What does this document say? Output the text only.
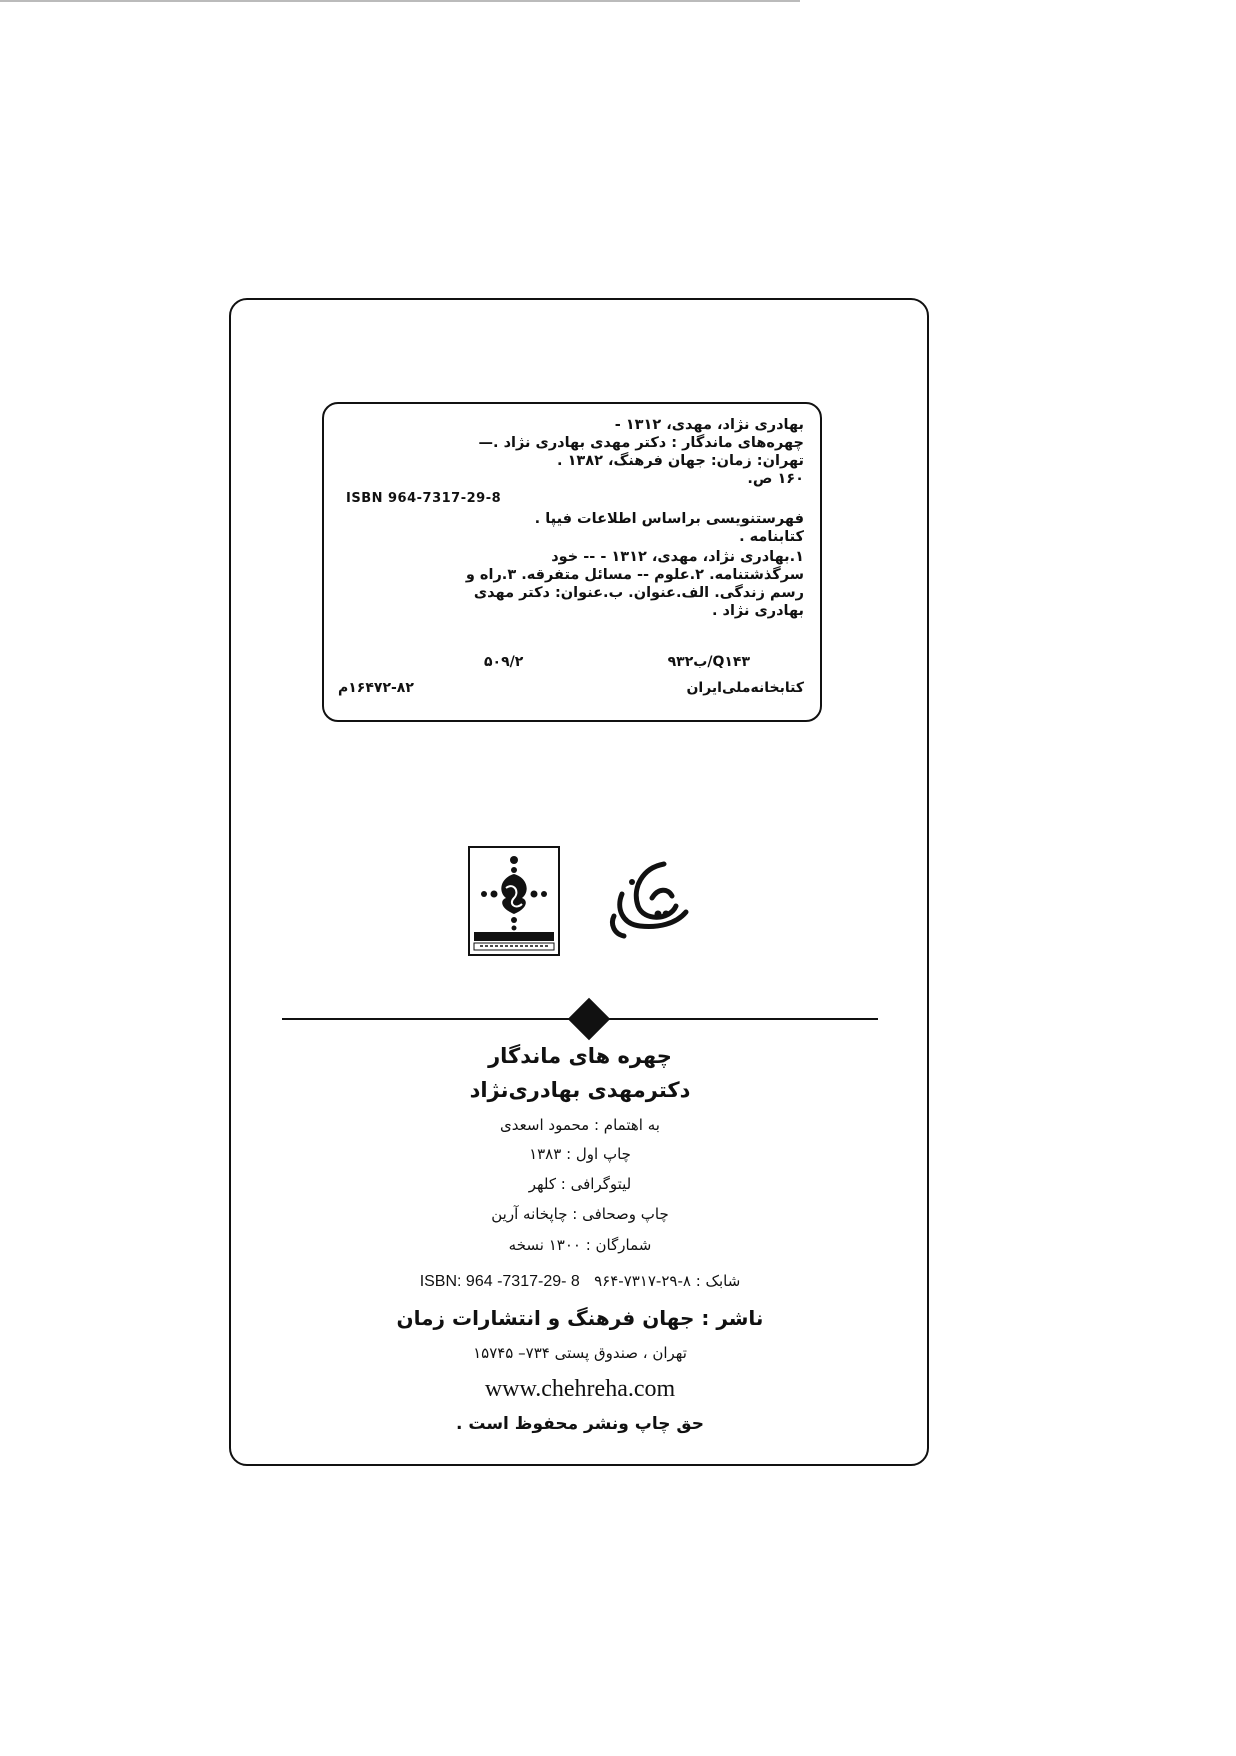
بهادری نژاد، مهدی، ۱۳۱۲ -
چهره‌های ماندگار : دکتر مهدی بهادری نژاد .—
تهران: زمان: جهان فرهنگ، ۱۳۸۲ .
۱۶۰ ص.
ISBN 964-7317-29-8
فهرستنویسی براساس اطلاعات فیپا .
کتابنامه .
۱.بهادری نژاد، مهدی، ۱۳۱۲ - -- خود
سرگذشتنامه. ۲.علوم -- مسائل متفرقه. ۳.راه و
رسم زندگی. الف.عنوان. ب.عنوان: دکتر مهدی
بهادری نژاد .
Q۱۴۳/ب۹۳۲
۵۰۹/۲
کتابخانه‌ملی‌ایران
۱۶۴۷۲-۸۲م
چهره های ماندگار
دکترمهدی بهادری‌نژاد
به اهتمام : محمود اسعدی
چاپ اول : ۱۳۸۳
لیتوگرافی : کلهر
چاپ وصحافی : چاپخانه آرین
شمارگان : ۱۳۰۰ نسخه
شابک : ۸-۲۹-۷۳۱۷-۹۶۴   ISBN: 964 -7317-29- 8
ناشر : جهان فرهنگ و انتشارات زمان
تهران ، صندوق پستی ۷۳۴– ۱۵۷۴۵
www.chehreha.com
حق چاپ ونشر محفوظ است .
